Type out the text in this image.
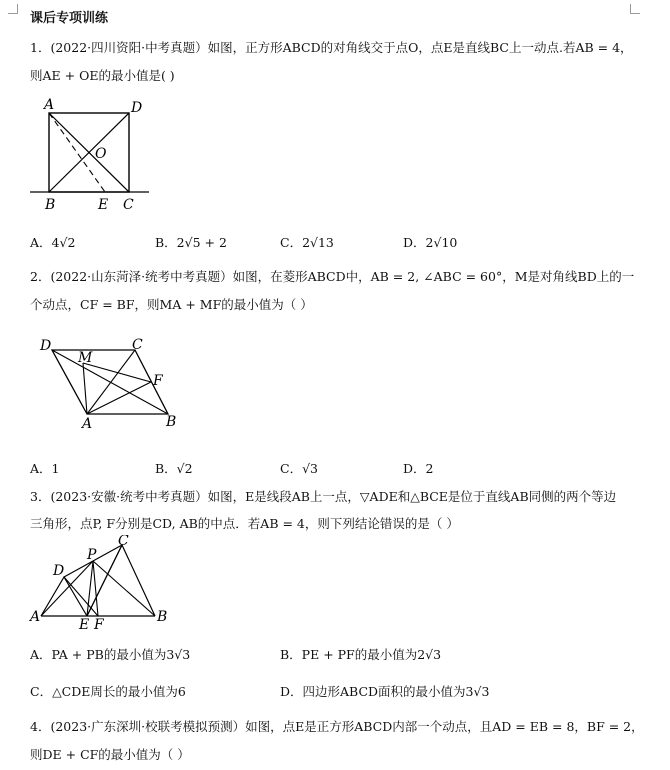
课后专项训练
1．(2022·四川资阳·中考真题）如图，正方形ABCD的对角线交于点O，点E是直线BC上一动点.若AB = 4，
则AE + OE的最小值是( )
A	D
O
B	E C
A．4√2	B．2√5 + 2	C．2√13	D．2√10
2．(2022·山东菏泽·统考中考真题）如图，在菱形ABCD中，AB = 2, ∠ABC = 60°，M是对角线BD上的一
个动点，CF = BF，则MA + MF的最小值为（ ）
D
M
C
F
A	B
A．1	B．√2	C．√3	D．2
3．(2023·安徽·统考中考真题）如图，E是线段AB上一点，▽ADE和△BCE是位于直线AB同侧的两个等边
三角形，点P, F分别是CD, AB的中点．若AB = 4，则下列结论错误的是（ ）
C
P
D
A	E F	B
A．PA + PB的最小值为3√3	B．PE + PF的最小值为2√3
C．△CDE周长的最小值为6	D．四边形ABCD面积的最小值为3√3
4．(2023·广东深圳·校联考模拟预测）如图，点E是正方形ABCD内部一个动点，且AD = EB = 8，BF = 2，
则DE + CF的最小值为（ ）
